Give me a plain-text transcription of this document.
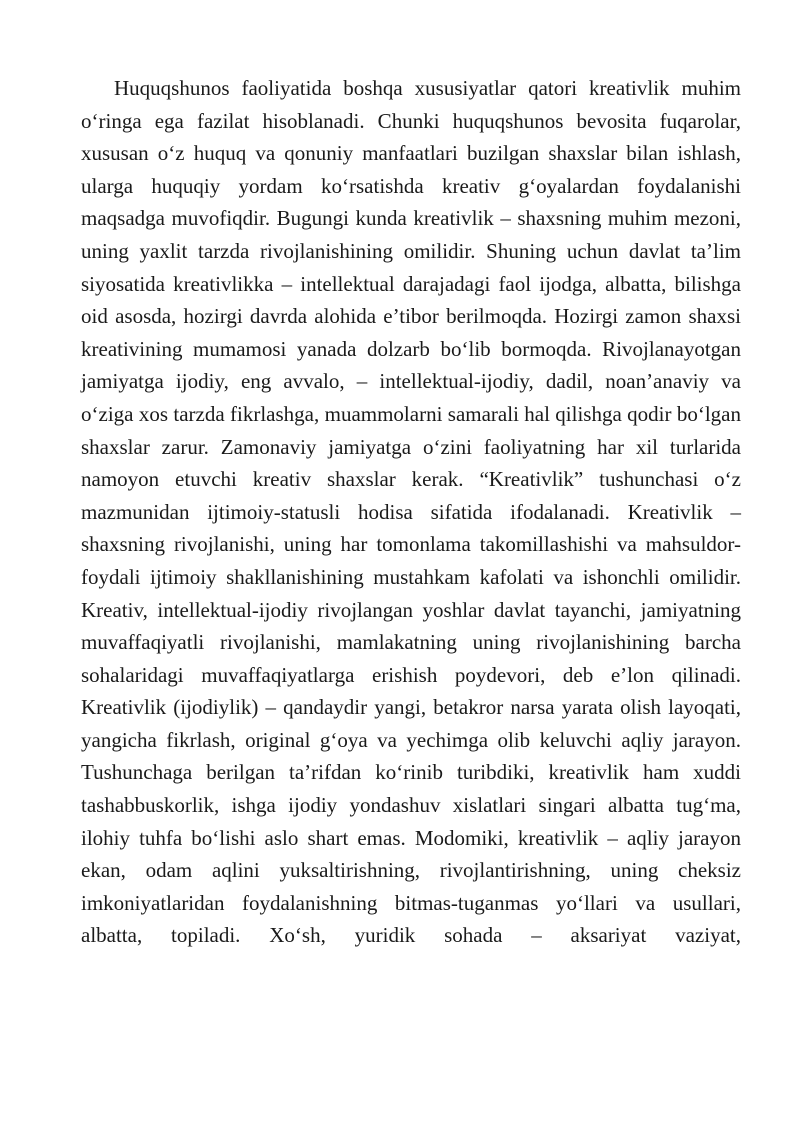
Huquqshunos faoliyatida boshqa xususiyatlar qatori kreativlik muhim o‘ringa ega fazilat hisoblanadi. Chunki huquqshunos bevosita fuqarolar, xususan o‘z huquq va qonuniy manfaatlari buzilgan shaxslar bilan ishlash, ularga huquqiy yordam ko‘rsatishda kreativ g‘oyalardan foydalanishi maqsadga muvofiqdir. Bugungi kunda kreativlik – shaxsning muhim mezoni, uning yaxlit tarzda rivojlanishining omilidir. Shuning uchun davlat ta’lim siyosatida kreativlikka – intellektual darajadagi faol ijodga, albatta, bilishga oid asosda, hozirgi davrda alohida e’tibor berilmoqda. Hozirgi zamon shaxsi kreativining mumamosi yanada dolzarb bo‘lib bormoqda. Rivojlanayotgan jamiyatga ijodiy, eng avvalo, – intellektual-ijodiy, dadil, noan’anaviy va o‘ziga xos tarzda fikrlashga, muammolarni samarali hal qilishga qodir bo‘lgan shaxslar zarur. Zamonaviy jamiyatga o‘zini faoliyatning har xil turlarida namoyon etuvchi kreativ shaxslar kerak. “Kreativlik” tushunchasi o‘z mazmunidan ijtimoiy-statusli hodisa sifatida ifodalanadi. Kreativlik – shaxsning rivojlanishi, uning har tomonlama takomillashishi va mahsuldor-foydali ijtimoiy shakllanishining mustahkam kafolati va ishonchli omilidir. Kreativ, intellektual-ijodiy rivojlangan yoshlar davlat tayanchi, jamiyatning muvaffaqiyatli rivojlanishi, mamlakatning uning rivojlanishining barcha sohalaridagi muvaffaqiyatlarga erishish poydevori, deb e’lon qilinadi. Kreativlik (ijodiylik) – qandaydir yangi, betakror narsa yarata olish layoqati, yangicha fikrlash, original g‘oya va yechimga olib keluvchi aqliy jarayon. Tushunchaga berilgan ta’rifdan ko‘rinib turibdiki, kreativlik ham xuddi tashabbuskorlik, ishga ijodiy yondashuv xislatlari singari albatta tug‘ma, ilohiy tuhfa bo‘lishi aslo shart emas. Modomiki, kreativlik – aqliy jarayon ekan, odam aqlini yuksaltirishning, rivojlantirishning, uning cheksiz imkoniyatlaridan foydalanishning bitmas-tuganmas yo‘llari va usullari, albatta, topiladi. Xo‘sh, yuridik sohada – aksariyat vaziyat,
